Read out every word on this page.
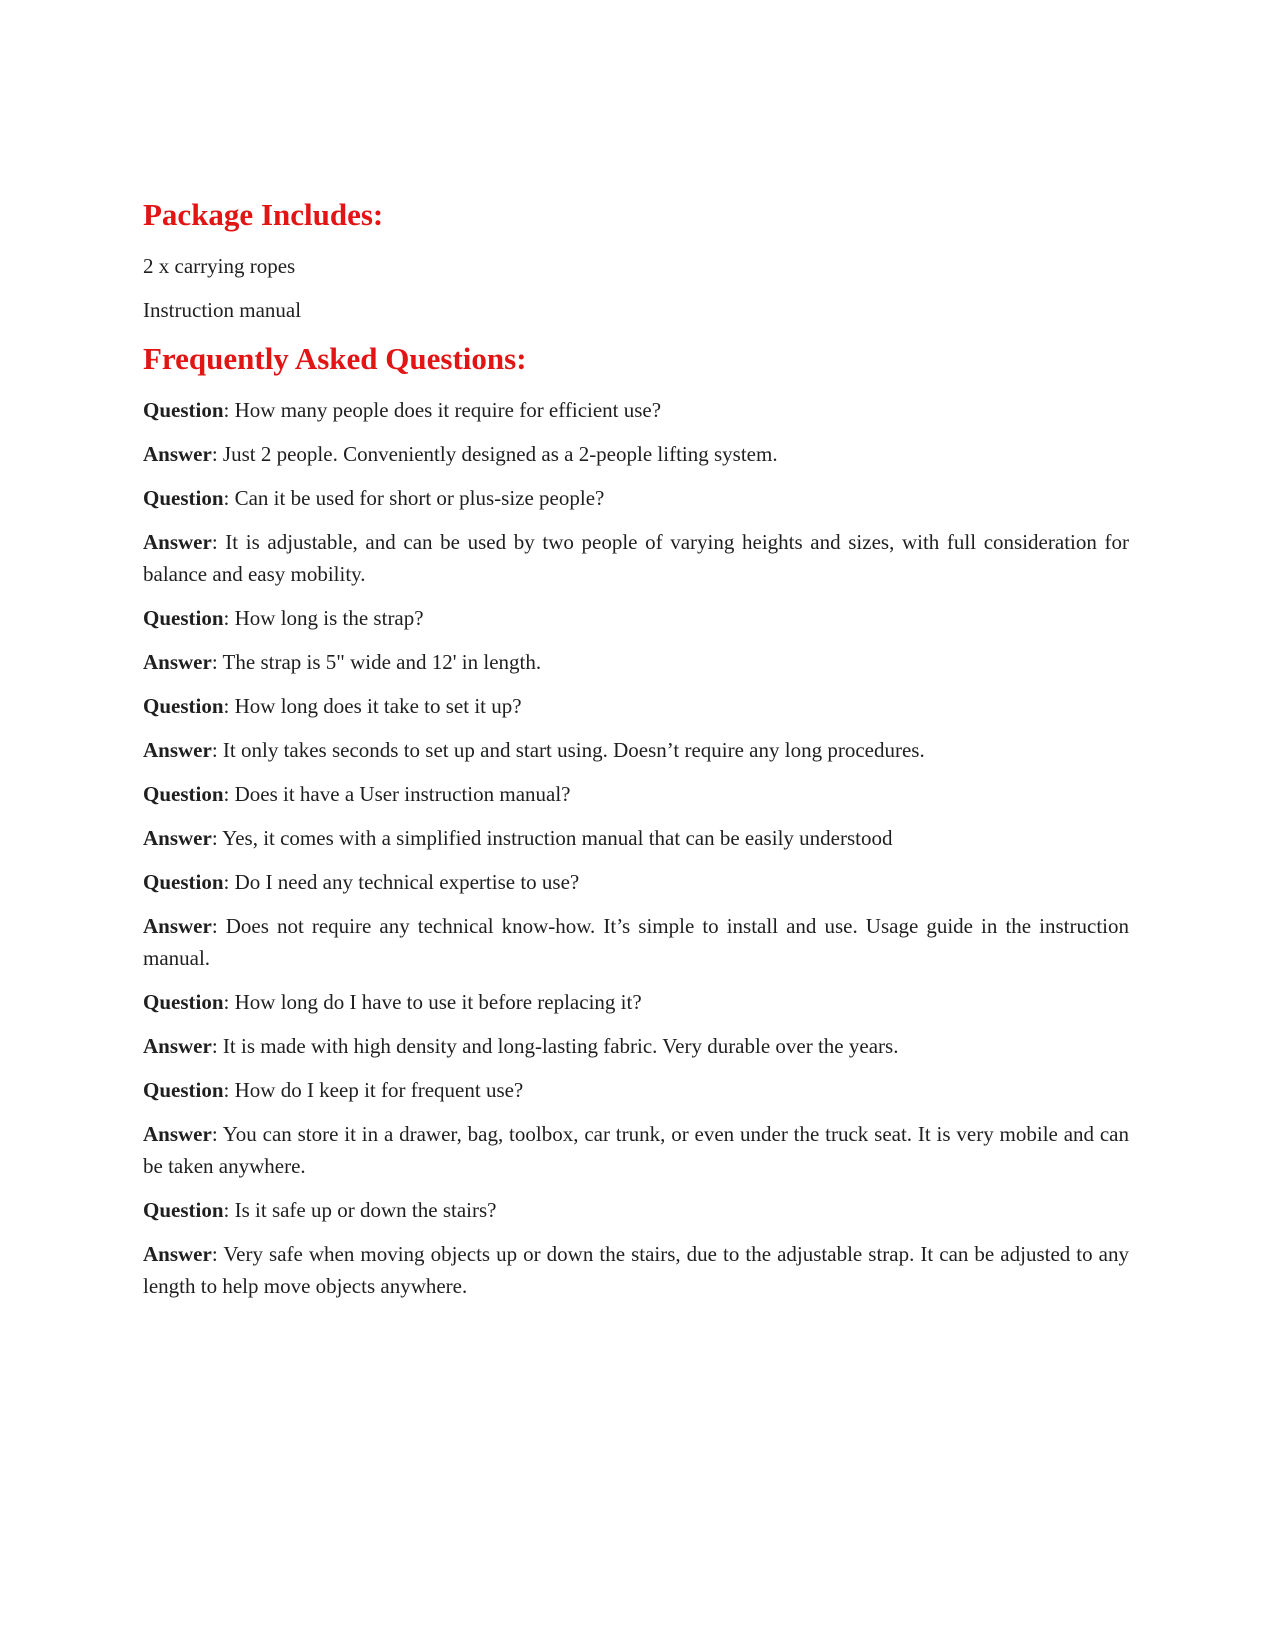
Package Includes:

2 x carrying ropes

Instruction manual

Frequently Asked Questions:

Question: How many people does it require for efficient use?

Answer: Just 2 people. Conveniently designed as a 2-people lifting system.

Question: Can it be used for short or plus-size people?

Answer: It is adjustable, and can be used by two people of varying heights and sizes, with full consideration for balance and easy mobility.

Question: How long is the strap?

Answer: The strap is 5" wide and 12' in length.

Question: How long does it take to set it up?

Answer: It only takes seconds to set up and start using. Doesn’t require any long procedures.

Question: Does it have a User instruction manual?

Answer: Yes, it comes with a simplified instruction manual that can be easily understood

Question: Do I need any technical expertise to use?

Answer: Does not require any technical know-how. It’s simple to install and use. Usage guide in the instruction manual.

Question: How long do I have to use it before replacing it?

Answer: It is made with high density and long-lasting fabric. Very durable over the years.

Question: How do I keep it for frequent use?

Answer: You can store it in a drawer, bag, toolbox, car trunk, or even under the truck seat. It is very mobile and can be taken anywhere.

Question: Is it safe up or down the stairs?

Answer: Very safe when moving objects up or down the stairs, due to the adjustable strap. It can be adjusted to any length to help move objects anywhere.
